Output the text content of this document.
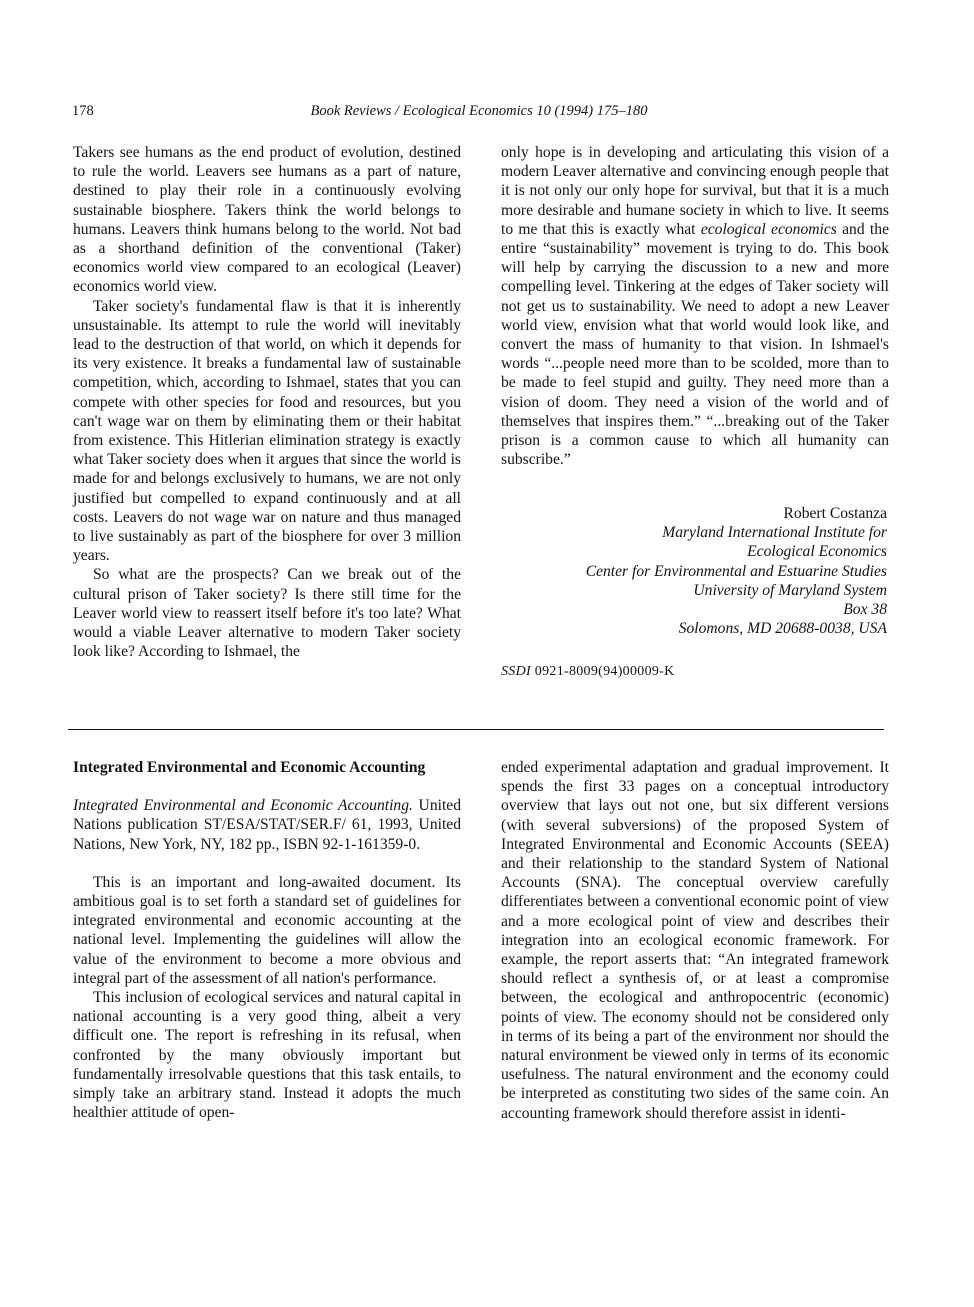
178	Book Reviews / Ecological Economics 10 (1994) 175–180

Takers see humans as the end product of evolution, destined to rule the world. Leavers see humans as a part of nature, destined to play their role in a continuously evolving sustainable biosphere. Takers think the world belongs to humans. Leavers think humans belong to the world. Not bad as a shorthand definition of the conventional (Taker) economics world view compared to an ecological (Leaver) economics world view.

Taker society's fundamental flaw is that it is inherently unsustainable. Its attempt to rule the world will inevitably lead to the destruction of that world, on which it depends for its very existence. It breaks a fundamental law of sustainable competition, which, according to Ishmael, states that you can compete with other species for food and resources, but you can't wage war on them by eliminating them or their habitat from existence. This Hitlerian elimination strategy is exactly what Taker society does when it argues that since the world is made for and belongs exclusively to humans, we are not only justified but compelled to expand continuously and at all costs. Leavers do not wage war on nature and thus managed to live sustainably as part of the biosphere for over 3 million years.

So what are the prospects? Can we break out of the cultural prison of Taker society? Is there still time for the Leaver world view to reassert itself before it's too late? What would a viable Leaver alternative to modern Taker society look like? According to Ishmael, the

only hope is in developing and articulating this vision of a modern Leaver alternative and convincing enough people that it is not only our only hope for survival, but that it is a much more desirable and humane society in which to live. It seems to me that this is exactly what ecological economics and the entire “sustainability” movement is trying to do. This book will help by carrying the discussion to a new and more compelling level. Tinkering at the edges of Taker society will not get us to sustainability. We need to adopt a new Leaver world view, envision what that world would look like, and convert the mass of humanity to that vision. In Ishmael's words “...people need more than to be scolded, more than to be made to feel stupid and guilty. They need more than a vision of doom. They need a vision of the world and of themselves that inspires them.” “...breaking out of the Taker prison is a common cause to which all humanity can subscribe.”

Robert Costanza
Maryland International Institute for
Ecological Economics
Center for Environmental and Estuarine Studies
University of Maryland System
Box 38
Solomons, MD 20688-0038, USA
SSDI 0921-8009(94)00009-K

Integrated Environmental and Economic Accounting

Integrated Environmental and Economic Accounting. United Nations publication ST/ESA/STAT/SER.F/ 61, 1993, United Nations, New York, NY, 182 pp., ISBN 92-1-161359-0.

This is an important and long-awaited document. Its ambitious goal is to set forth a standard set of guidelines for integrated environmental and economic accounting at the national level. Implementing the guidelines will allow the value of the environment to become a more obvious and integral part of the assessment of all nation's performance.

This inclusion of ecological services and natural capital in national accounting is a very good thing, albeit a very difficult one. The report is refreshing in its refusal, when confronted by the many obviously important but fundamentally irresolvable questions that this task entails, to simply take an arbitrary stand. Instead it adopts the much healthier attitude of open-

ended experimental adaptation and gradual improvement. It spends the first 33 pages on a conceptual introductory overview that lays out not one, but six different versions (with several subversions) of the proposed System of Integrated Environmental and Economic Accounts (SEEA) and their relationship to the standard System of National Accounts (SNA). The conceptual overview carefully differentiates between a conventional economic point of view and a more ecological point of view and describes their integration into an ecological economic framework. For example, the report asserts that: “An integrated framework should reflect a synthesis of, or at least a compromise between, the ecological and anthropocentric (economic) points of view. The economy should not be considered only in terms of its being a part of the environment nor should the natural environment be viewed only in terms of its economic usefulness. The natural environment and the economy could be interpreted as constituting two sides of the same coin. An accounting framework should therefore assist in identi-
